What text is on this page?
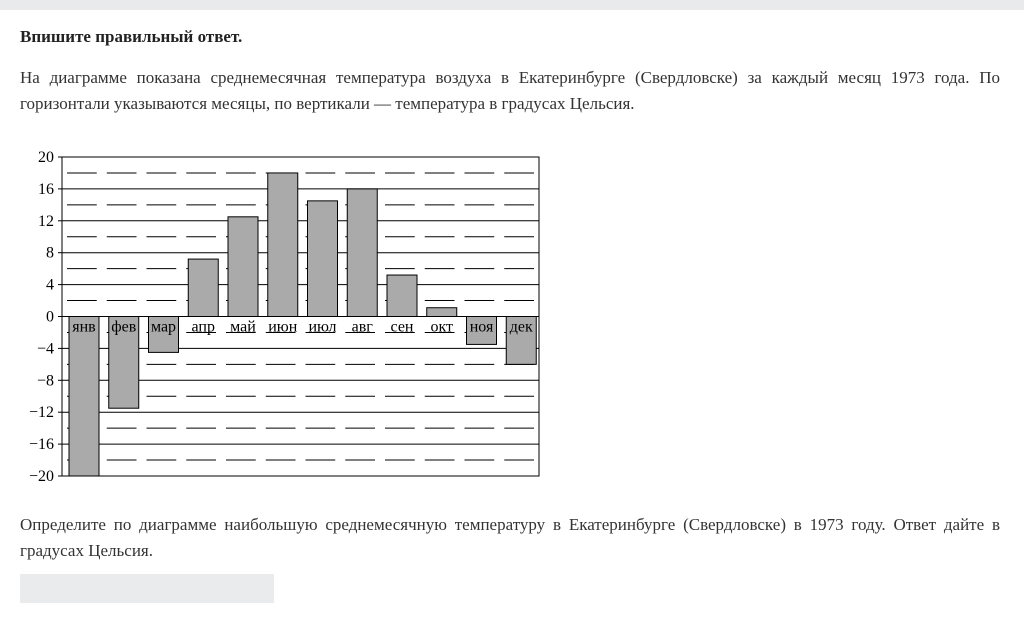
Впишите правильный ответ.

На диаграмме показана среднемесячная температура воздуха в Екатеринбурге (Свердловске) за каждый месяц 1973 года. По горизонтали указываются месяцы, по вертикали — температура в градусах Цельсия.

20
16
12
8
4
0
−4
−8
−12
−16
−20
янв фев мар апр май июн июл авг сен окт ноя дек

Определите по диаграмме наибольшую среднемесячную температуру в Екатеринбурге (Свердловске) в 1973 году. Ответ дайте в градусах Цельсия.
